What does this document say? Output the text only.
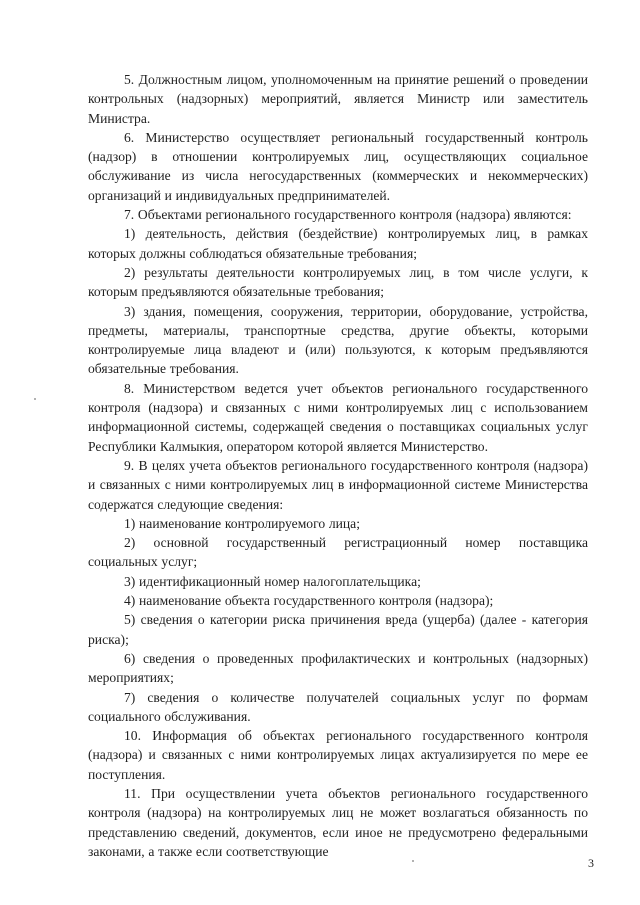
5. Должностным лицом, уполномоченным на принятие решений о проведении контрольных (надзорных) мероприятий, является Министр или заместитель Министра.

6. Министерство осуществляет региональный государственный контроль (надзор) в отношении контролируемых лиц, осуществляющих социальное обслуживание из числа негосударственных (коммерческих и некоммерческих) организаций и индивидуальных предпринимателей.

7. Объектами регионального государственного контроля (надзора) являются:

1) деятельность, действия (бездействие) контролируемых лиц, в рамках которых должны соблюдаться обязательные требования;

2) результаты деятельности контролируемых лиц, в том числе услуги, к которым предъявляются обязательные требования;

3) здания, помещения, сооружения, территории, оборудование, устройства, предметы, материалы, транспортные средства, другие объекты, которыми контролируемые лица владеют и (или) пользуются, к которым предъявляются обязательные требования.

8. Министерством ведется учет объектов регионального государственного контроля (надзора) и связанных с ними контролируемых лиц с использованием информационной системы, содержащей сведения о поставщиках социальных услуг Республики Калмыкия, оператором которой является Министерство.

9. В целях учета объектов регионального государственного контроля (надзора) и связанных с ними контролируемых лиц в информационной системе Министерства содержатся следующие сведения:

1) наименование контролируемого лица;

2) основной государственный регистрационный номер поставщика социальных услуг;

3) идентификационный номер налогоплательщика;

4) наименование объекта государственного контроля (надзора);

5) сведения о категории риска причинения вреда (ущерба) (далее - категория риска);

6) сведения о проведенных профилактических и контрольных (надзорных) мероприятиях;

7) сведения о количестве получателей социальных услуг по формам социального обслуживания.

10. Информация об объектах регионального государственного контроля (надзора) и связанных с ними контролируемых лицах актуализируется по мере ее поступления.

11. При осуществлении учета объектов регионального государственного контроля (надзора) на контролируемых лиц не может возлагаться обязанность по представлению сведений, документов, если иное не предусмотрено федеральными законами, а также если соответствующие

3
